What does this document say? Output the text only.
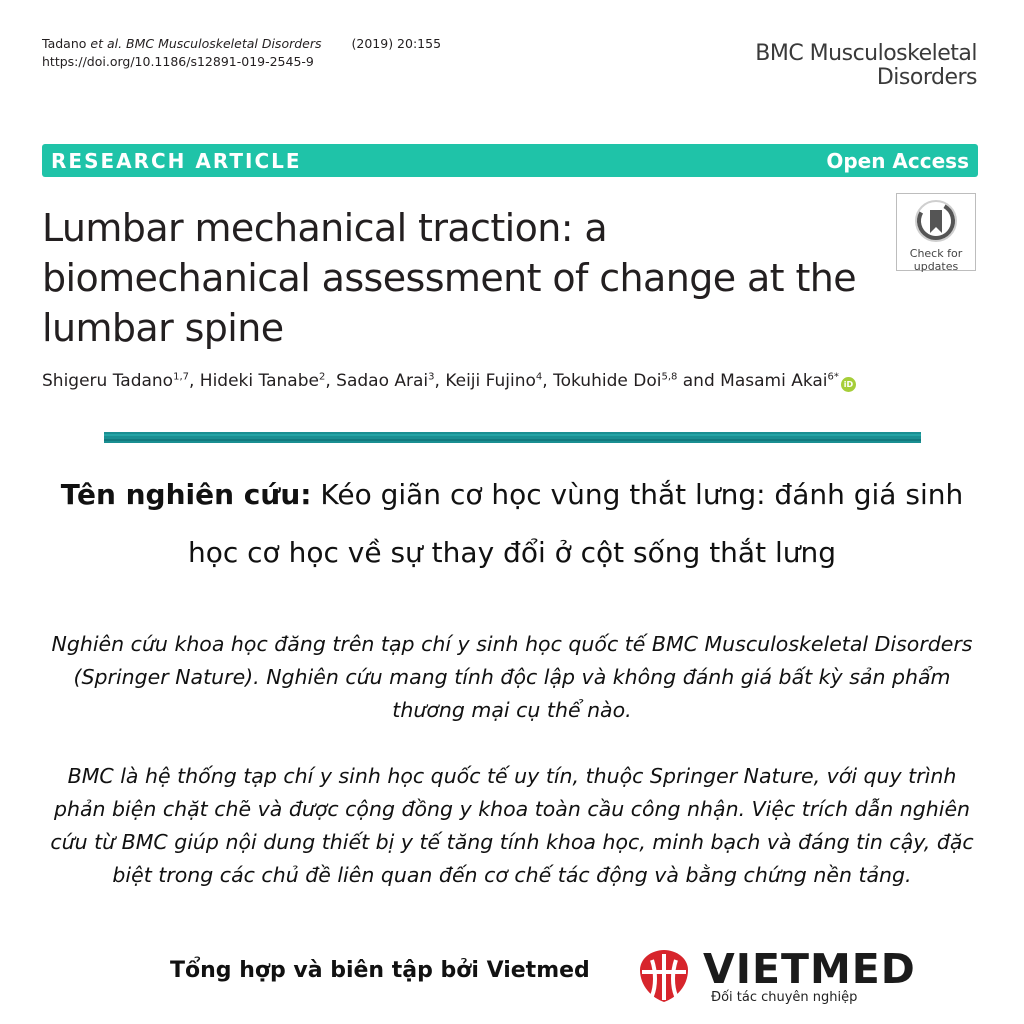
Tadano et al. BMC Musculoskeletal Disorders (2019) 20:155
https://doi.org/10.1186/s12891-019-2545-9	BMC Musculoskeletal
Disorders
RESEARCH ARTICLE	Open Access
Lumbar mechanical traction: a biomechanical assessment of change at the lumbar spine
Check for
updates
Shigeru Tadano$^{1,7}$, Hideki Tanabe$^2$, Sadao Arai$^3$, Keiji Fujino$^4$, Tokuhide Doi$^{5,8}$ and Masami Akai$^{6*}$iD
Tên nghiên cứu: Kéo giãn cơ học vùng thắt lưng: đánh giá sinh học cơ học về sự thay đổi ở cột sống thắt lưng
Nghiên cứu khoa học đăng trên tạp chí y sinh học quốc tế BMC Musculoskeletal Disorders (Springer Nature). Nghiên cứu mang tính độc lập và không đánh giá bất kỳ sản phẩm thương mại cụ thể nào.
BMC là hệ thống tạp chí y sinh học quốc tế uy tín, thuộc Springer Nature, với quy trình phản biện chặt chẽ và được cộng đồng y khoa toàn cầu công nhận. Việc trích dẫn nghiên cứu từ BMC giúp nội dung thiết bị y tế tăng tính khoa học, minh bạch và đáng tin cậy, đặc biệt trong các chủ đề liên quan đến cơ chế tác động và bằng chứng nền tảng.
Tổng hợp và biên tập bởi Vietmed	VIETMED
Đối tác chuyên nghiệp
